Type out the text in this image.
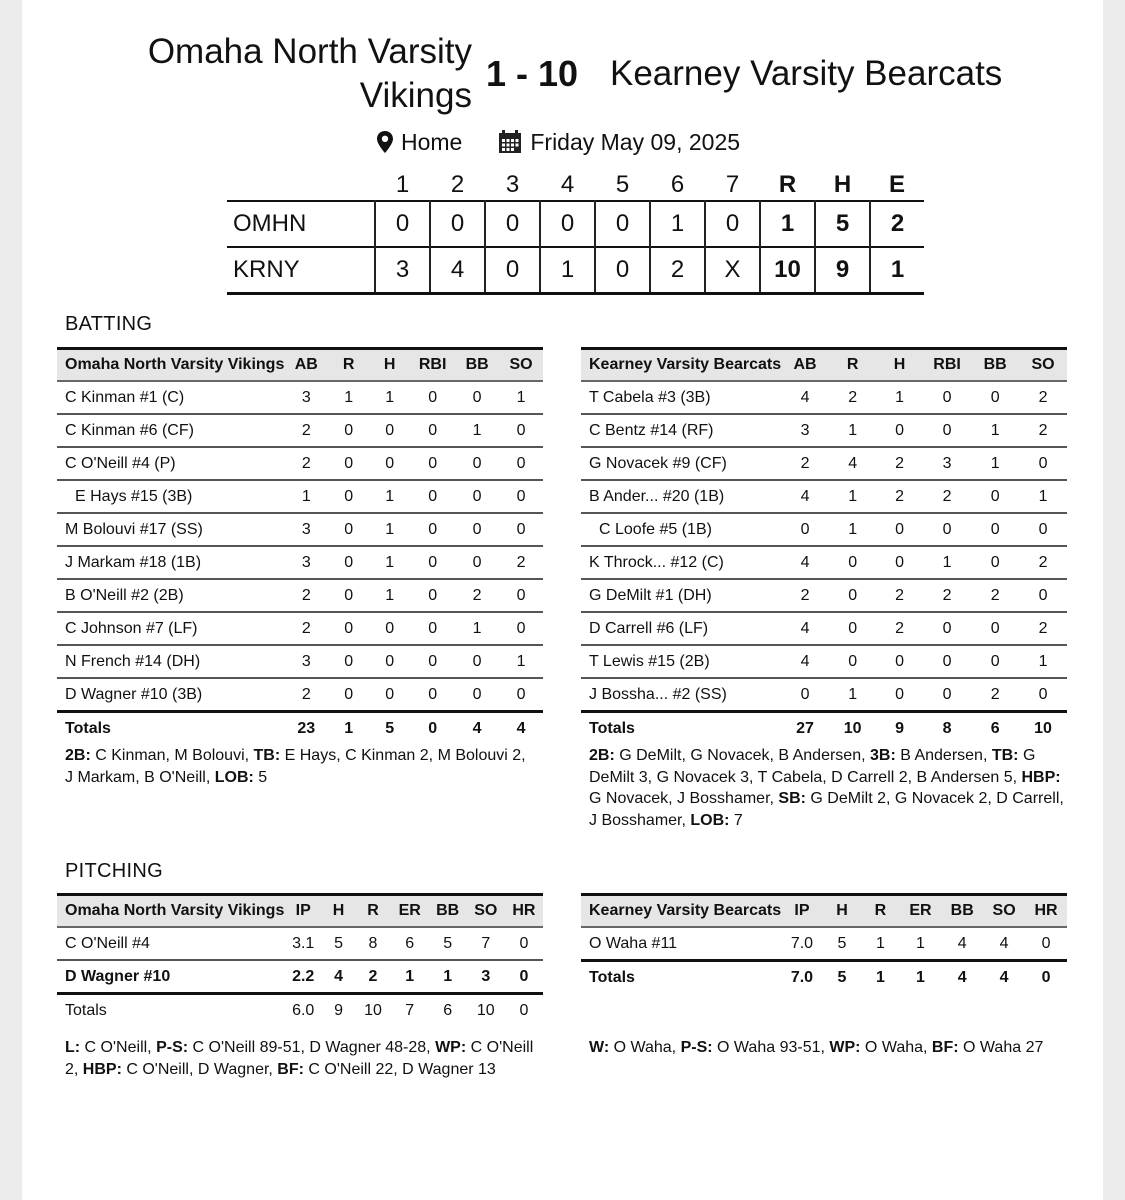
Omaha North Varsity Vikings
1 - 10 Kearney Varsity Bearcats
Home	Friday May 09, 2025
	1	2	3	4	5	6	7	R	H	E
OMHN	0	0	0	0	0	1	0	1	5	2
KRNY	3	4	0	1	0	2	X	10	9	1
BATTING
Omaha North Varsity Vikings	AB	R	H	RBI	BB	SO
C Kinman #1 (C)	3	1	1	0	0	1
C Kinman #6 (CF)	2	0	0	0	1	0
C O'Neill #4 (P)	2	0	0	0	0	0
E Hays #15 (3B)	1	0	1	0	0	0
M Bolouvi #17 (SS)	3	0	1	0	0	0
J Markam #18 (1B)	3	0	1	0	0	2
B O'Neill #2 (2B)	2	0	1	0	2	0
C Johnson #7 (LF)	2	0	0	0	1	0
N French #14 (DH)	3	0	0	0	0	1
D Wagner #10 (3B)	2	0	0	0	0	0
Totals	23	1	5	0	4	4
Kearney Varsity Bearcats	AB	R	H	RBI	BB	SO
T Cabela #3 (3B)	4	2	1	0	0	2
C Bentz #14 (RF)	3	1	0	0	1	2
G Novacek #9 (CF)	2	4	2	3	1	0
B Ander... #20 (1B)	4	1	2	2	0	1
C Loofe #5 (1B)	0	1	0	0	0	0
K Throck... #12 (C)	4	0	0	1	0	2
G DeMilt #1 (DH)	2	0	2	2	2	0
D Carrell #6 (LF)	4	0	2	0	0	2
T Lewis #15 (2B)	4	0	0	0	0	1
J Bossha... #2 (SS)	0	1	0	0	2	0
Totals	27	10	9	8	6	10
2B: C Kinman, M Bolouvi, TB: E Hays, C Kinman 2, M Bolouvi 2, J Markam, B O'Neill, LOB: 5
2B: G DeMilt, G Novacek, B Andersen, 3B: B Andersen, TB: G DeMilt 3, G Novacek 3, T Cabela, D Carrell 2, B Andersen 5, HBP: G Novacek, J Bosshamer, SB: G DeMilt 2, G Novacek 2, D Carrell, J Bosshamer, LOB: 7
PITCHING
Omaha North Varsity Vikings	IP	H	R	ER	BB	SO	HR
C O'Neill #4	3.1	5	8	6	5	7	0
D Wagner #10	2.2	4	2	1	1	3	0
Totals	6.0	9	10	7	6	10	0
Kearney Varsity Bearcats	IP	H	R	ER	BB	SO	HR
O Waha #11	7.0	5	1	1	4	4	0
Totals	7.0	5	1	1	4	4	0
L: C O'Neill, P-S: C O'Neill 89-51, D Wagner 48-28, WP: C O'Neill 2, HBP: C O'Neill, D Wagner, BF: C O'Neill 22, D Wagner 13
W: O Waha, P-S: O Waha 93-51, WP: O Waha, BF: O Waha 27
